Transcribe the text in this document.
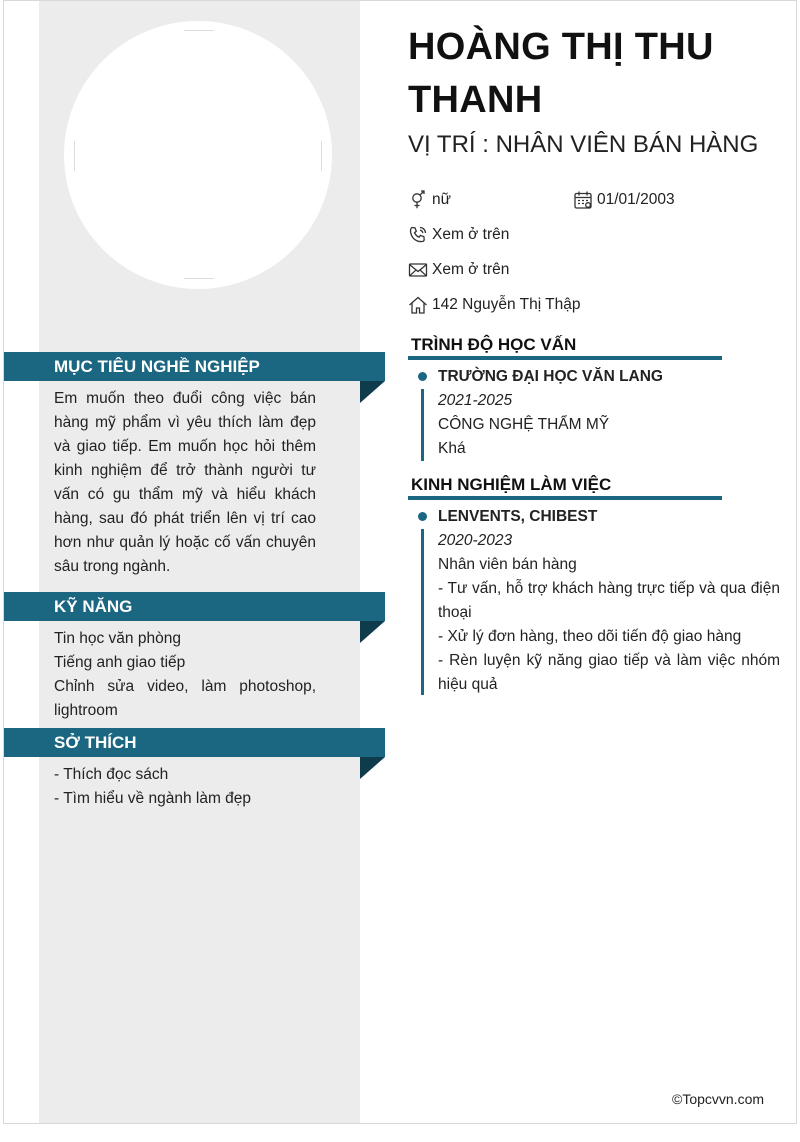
MỤC TIÊU NGHỀ NGHIỆP
Em muốn theo đuổi công việc bán hàng mỹ phẩm vì yêu thích làm đẹp và giao tiếp. Em muốn học hỏi thêm kinh nghiệm để trở thành người tư vấn có gu thẩm mỹ và hiểu khách hàng, sau đó phát triển lên vị trí cao hơn như quản lý hoặc cố vấn chuyên sâu trong ngành.
KỸ NĂNG
Tin học văn phòng
Tiếng anh giao tiếp
Chỉnh sửa video, làm photoshop, lightroom
SỞ THÍCH
- Thích đọc sách
- Tìm hiểu về ngành làm đẹp
HOÀNG THỊ THU THANH
VỊ TRÍ : NHÂN VIÊN BÁN HÀNG
nữ	01/01/2003
Xem ở trên
Xem ở trên
142 Nguyễn Thị Thập
TRÌNH ĐỘ HỌC VẤN
TRƯỜNG ĐẠI HỌC VĂN LANG
2021-2025
CÔNG NGHỆ THẨM MỸ
Khá
KINH NGHIỆM LÀM VIỆC
LENVENTS, CHIBEST
2020-2023
Nhân viên bán hàng
- Tư vấn, hỗ trợ khách hàng trực tiếp và qua điện thoại
- Xử lý đơn hàng, theo dõi tiến độ giao hàng
- Rèn luyện kỹ năng giao tiếp và làm việc nhóm hiệu quả
©Topcvvn.com
